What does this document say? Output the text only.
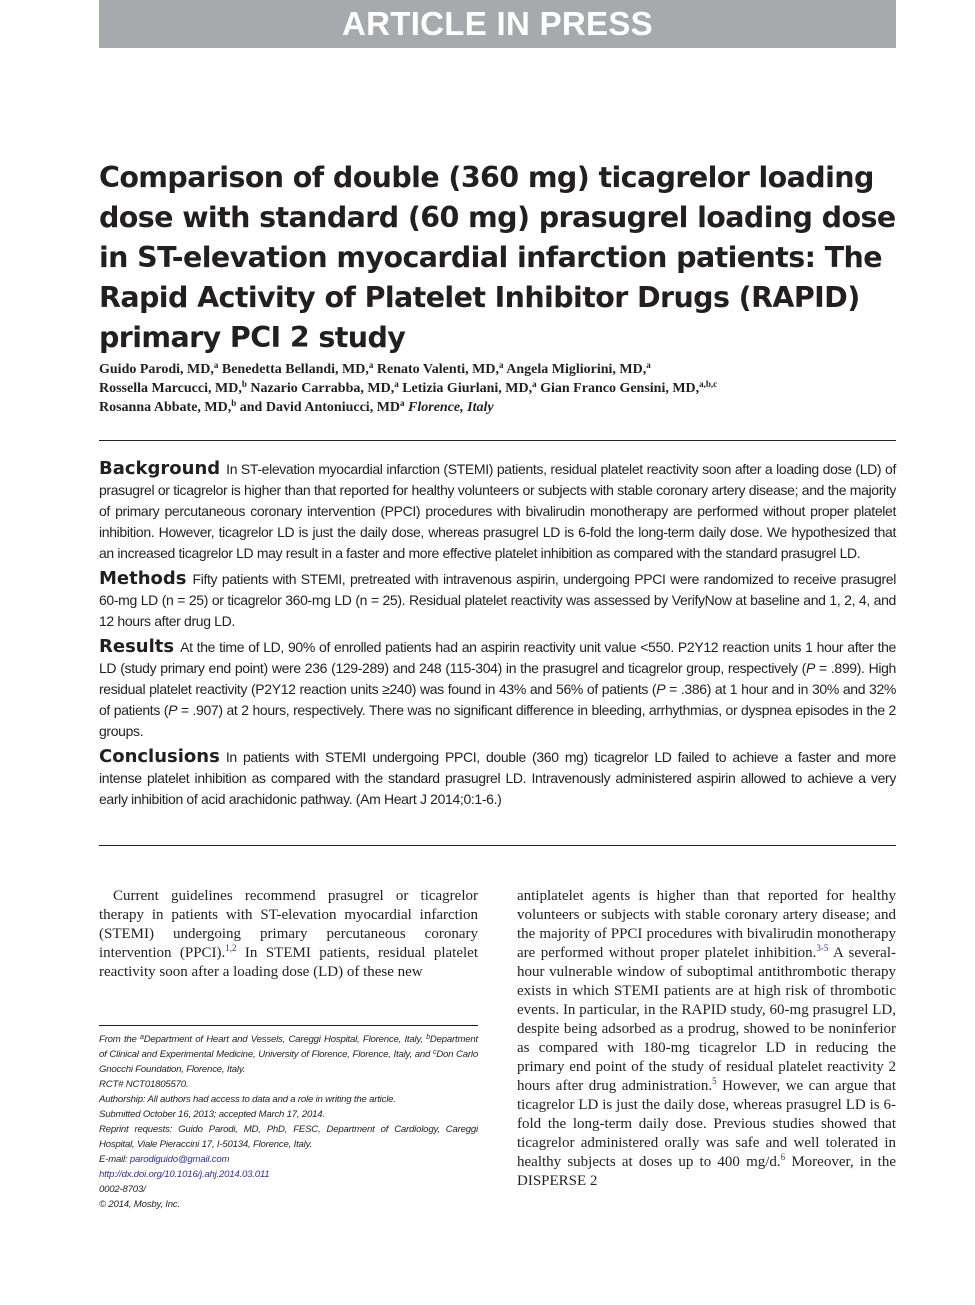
ARTICLE IN PRESS
Comparison of double (360 mg) ticagrelor loading dose with standard (60 mg) prasugrel loading dose in ST-elevation myocardial infarction patients: The Rapid Activity of Platelet Inhibitor Drugs (RAPID) primary PCI 2 study
Guido Parodi, MD,$^a$ Benedetta Bellandi, MD,$^a$ Renato Valenti, MD,$^a$ Angela Migliorini, MD,$^a$
Rossella Marcucci, MD,$^b$ Nazario Carrabba, MD,$^a$ Letizia Giurlani, MD,$^a$ Gian Franco Gensini, MD,$^{a,b,c}$
Rosanna Abbate, MD,$^b$ and David Antoniucci, $MD^a$ Florence, Italy

Background In ST-elevation myocardial infarction (STEMI) patients, residual platelet reactivity soon after a loading dose (LD) of prasugrel or ticagrelor is higher than that reported for healthy volunteers or subjects with stable coronary artery disease; and the majority of primary percutaneous coronary intervention (PPCI) procedures with bivalirudin monotherapy are performed without proper platelet inhibition. However, ticagrelor LD is just the daily dose, whereas prasugrel LD is 6-fold the long-term daily dose. We hypothesized that an increased ticagrelor LD may result in a faster and more effective platelet inhibition as compared with the standard prasugrel LD.

Methods Fifty patients with STEMI, pretreated with intravenous aspirin, undergoing PPCI were randomized to receive prasugrel 60-mg LD (n = 25) or ticagrelor 360-mg LD (n = 25). Residual platelet reactivity was assessed by VerifyNow at baseline and 1, 2, 4, and 12 hours after drug LD.

Results At the time of LD, 90% of enrolled patients had an aspirin reactivity unit value <550. P2Y12 reaction units 1 hour after the LD (study primary end point) were 236 (129-289) and 248 (115-304) in the prasugrel and ticagrelor group, respectively (P = .899). High residual platelet reactivity (P2Y12 reaction units ≥240) was found in 43% and 56% of patients (P = .386) at 1 hour and in 30% and 32% of patients (P = .907) at 2 hours, respectively. There was no significant difference in bleeding, arrhythmias, or dyspnea episodes in the 2 groups.

Conclusions In patients with STEMI undergoing PPCI, double (360 mg) ticagrelor LD failed to achieve a faster and more intense platelet inhibition as compared with the standard prasugrel LD. Intravenously administered aspirin allowed to achieve a very early inhibition of acid arachidonic pathway. (Am Heart J 2014;0:1-6.)

Current guidelines recommend prasugrel or ticagrelor therapy in patients with ST-elevation myocardial infarction (STEMI) undergoing primary percutaneous coronary intervention (PPCI).$^{1,2}$ In STEMI patients, residual platelet reactivity soon after a loading dose (LD) of these new

From the $^a$Department of Heart and Vessels, Careggi Hospital, Florence, Italy, $^b$Department of Clinical and Experimental Medicine, University of Florence, Florence, Italy, and $^c$Don Carlo Gnocchi Foundation, Florence, Italy.
RCT# NCT01805570.
Authorship: All authors had access to data and a role in writing the article.
Submitted October 16, 2013; accepted March 17, 2014.
Reprint requests: Guido Parodi, MD, PhD, FESC, Department of Cardiology, Careggi Hospital, Viale Pieraccini 17, I-50134, Florence, Italy.
E-mail: parodiguido@gmail.com
http://dx.doi.org/10.1016/j.ahj.2014.03.011
0002-8703/
© 2014, Mosby, Inc.

antiplatelet agents is higher than that reported for healthy volunteers or subjects with stable coronary artery disease; and the majority of PPCI procedures with bivalirudin monotherapy are performed without proper platelet inhibition.$^{3-5}$ A several-hour vulnerable window of suboptimal antithrombotic therapy exists in which STEMI patients are at high risk of thrombotic events. In particular, in the RAPID study, 60-mg prasugrel LD, despite being adsorbed as a prodrug, showed to be noninferior as compared with 180-mg ticagrelor LD in reducing the primary end point of the study of residual platelet reactivity 2 hours after drug administration.$^5$ However, we can argue that ticagrelor LD is just the daily dose, whereas prasugrel LD is 6-fold the long-term daily dose. Previous studies showed that ticagrelor administered orally was safe and well tolerated in healthy subjects at doses up to 400 mg/d.$^6$ Moreover, in the DISPERSE 2
